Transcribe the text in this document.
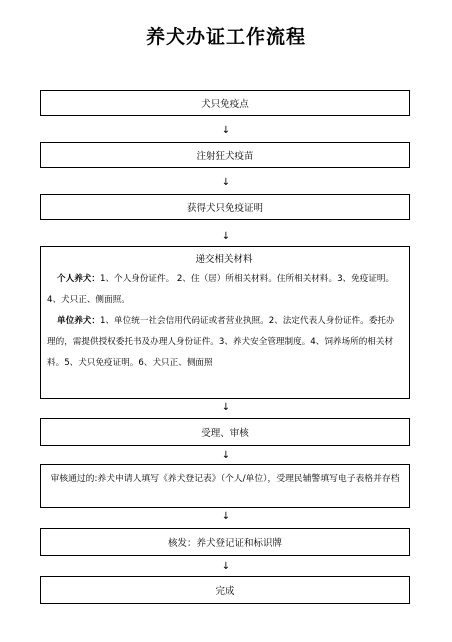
养犬办证工作流程
犬只免疫点
↓
注射狂犬疫苗
↓
获得犬只免疫证明
↓
递交相关材料
个人养犬：1、个人身份证件。 2、住（居）所相关材料。住所相关材料。3、免疫证明。4、犬只正、侧面照。
单位养犬：1、单位统一社会信用代码证或者营业执照。2、法定代表人身份证件。委托办理的，需提供授权委托书及办理人身份证件。3、养犬安全管理制度。4、饲养场所的相关材料。5、犬只免疫证明。6、犬只正、侧面照
↓
受理、审核
↓
审核通过的:养犬申请人填写《养犬登记表》（个人/单位），受理民辅警填写电子表格并存档
↓
核发：养犬登记证和标识牌
↓
完成
